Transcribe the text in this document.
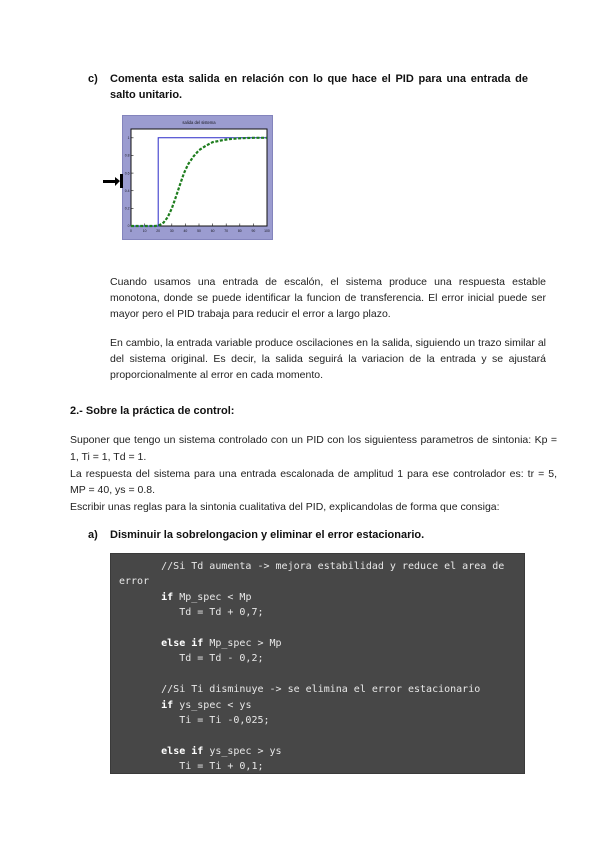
c)	Comenta esta salida en relación con lo que hace el PID para una entrada de salto unitario.
salida del sistema
0	10	20	30	40	50	60	70	80	90	100
0
0.2
0.4
0.6
0.8
1
Cuando usamos una entrada de escalón, el sistema produce una respuesta estable monotona, donde se puede identificar la funcion de transferencia. El error inicial puede ser mayor pero el PID trabaja para reducir el error a largo plazo.
En cambio, la entrada variable produce oscilaciones en la salida, siguiendo un trazo similar al del sistema original. Es decir, la salida seguirá la variacion de la entrada y se ajustará proporcionalmente al error en cada momento.
2.- Sobre la práctica de control:
Suponer que tengo un sistema controlado con un PID con los siguientess parametros de sintonia: Kp = 1, Ti = 1, Td = 1.
La respuesta del sistema para una entrada escalonada de amplitud 1 para ese controlador es: tr = 5, MP = 40, ys = 0.8.
Escribir unas reglas para la sintonia cualitativa del PID, explicandolas de forma que consiga:
a)	Disminuir la sobrelongacion y eliminar el error estacionario.
//Si Td aumenta -> mejora estabilidad y reduce el area de
error
if Mp_spec < Mp
Td = Td + 0,7;

else if Mp_spec > Mp
Td = Td - 0,2;

//Si Ti disminuye -> se elimina el error estacionario
if ys_spec < ys
Ti = Ti -0,025;

else if ys_spec > ys
Ti = Ti + 0,1;
